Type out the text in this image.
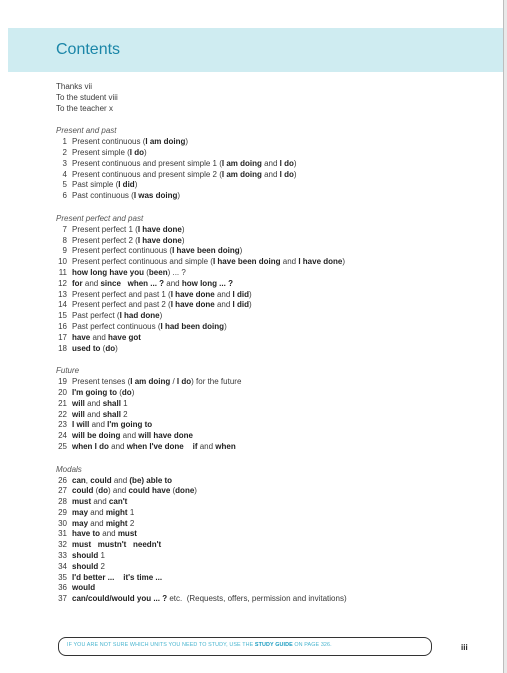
Contents
Thanks vii
To the student viii
To the teacher x
Present and past
1 Present continuous (I am doing)
2 Present simple (I do)
3 Present continuous and present simple 1 (I am doing and I do)
4 Present continuous and present simple 2 (I am doing and I do)
5 Past simple (I did)
6 Past continuous (I was doing)
Present perfect and past
7 Present perfect 1 (I have done)
8 Present perfect 2 (I have done)
9 Present perfect continuous (I have been doing)
10 Present perfect continuous and simple (I have been doing and I have done)
11 how long have you (been) ... ?
12 for and since when ... ? and how long ... ?
13 Present perfect and past 1 (I have done and I did)
14 Present perfect and past 2 (I have done and I did)
15 Past perfect (I had done)
16 Past perfect continuous (I had been doing)
17 have and have got
18 used to (do)
Future
19 Present tenses (I am doing / I do) for the future
20 I'm going to (do)
21 will and shall 1
22 will and shall 2
23 I will and I'm going to
24 will be doing and will have done
25 when I do and when I've done if and when
Modals
26 can, could and (be) able to
27 could (do) and could have (done)
28 must and can't
29 may and might 1
30 may and might 2
31 have to and must
32 must   mustn't   needn't
33 should 1
34 should 2
35 I'd better ...    it's time ...
36 would
37 can/could/would you ... ? etc.  (Requests, offers, permission and invitations)
IF YOU ARE NOT SURE WHICH UNITS YOU NEED TO STUDY, USE THE STUDY GUIDE ON PAGE 326.	iii
